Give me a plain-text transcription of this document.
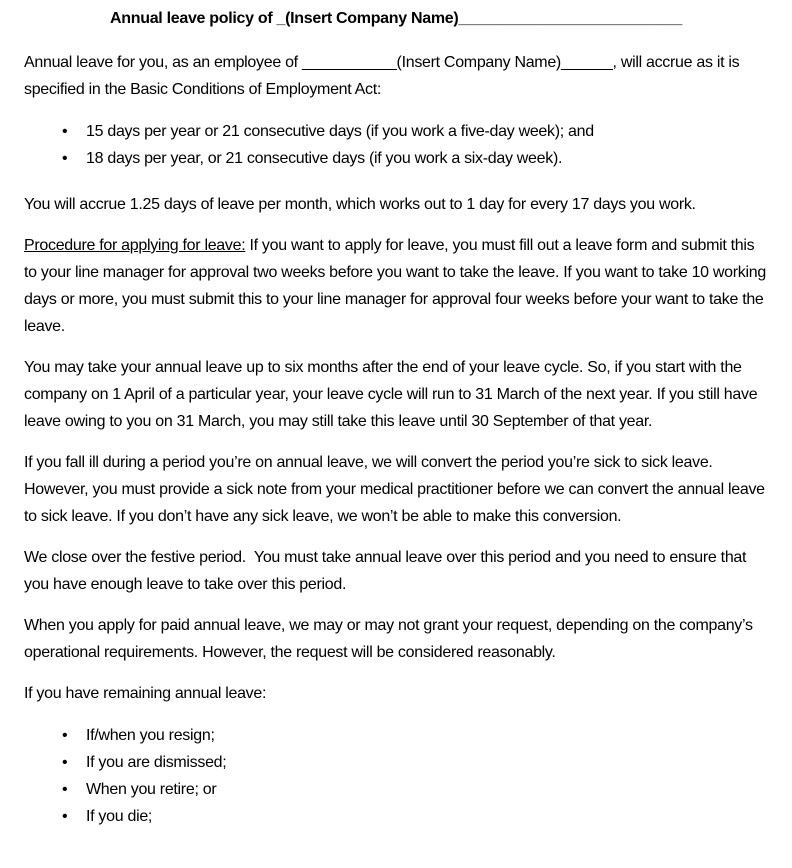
Annual leave policy of _(Insert Company Name)__________________________
Annual leave for you, as an employee of ___________(Insert Company Name)______, will accrue as it is specified in the Basic Conditions of Employment Act:
•	15 days per year or 21 consecutive days (if you work a five-day week); and
•	18 days per year, or 21 consecutive days (if you work a six-day week).
You will accrue 1.25 days of leave per month, which works out to 1 day for every 17 days you work.
Procedure for applying for leave: If you want to apply for leave, you must fill out a leave form and submit this to your line manager for approval two weeks before you want to take the leave. If you want to take 10 working days or more, you must submit this to your line manager for approval four weeks before your want to take the leave.
You may take your annual leave up to six months after the end of your leave cycle. So, if you start with the company on 1 April of a particular year, your leave cycle will run to 31 March of the next year. If you still have leave owing to you on 31 March, you may still take this leave until 30 September of that year.
If you fall ill during a period you’re on annual leave, we will convert the period you’re sick to sick leave. However, you must provide a sick note from your medical practitioner before we can convert the annual leave to sick leave. If you don’t have any sick leave, we won’t be able to make this conversion.
We close over the festive period.  You must take annual leave over this period and you need to ensure that you have enough leave to take over this period.
When you apply for paid annual leave, we may or may not grant your request, depending on the company’s operational requirements. However, the request will be considered reasonably.
If you have remaining annual leave:
•	If/when you resign;
•	If you are dismissed;
•	When you retire; or
•	If you die;
